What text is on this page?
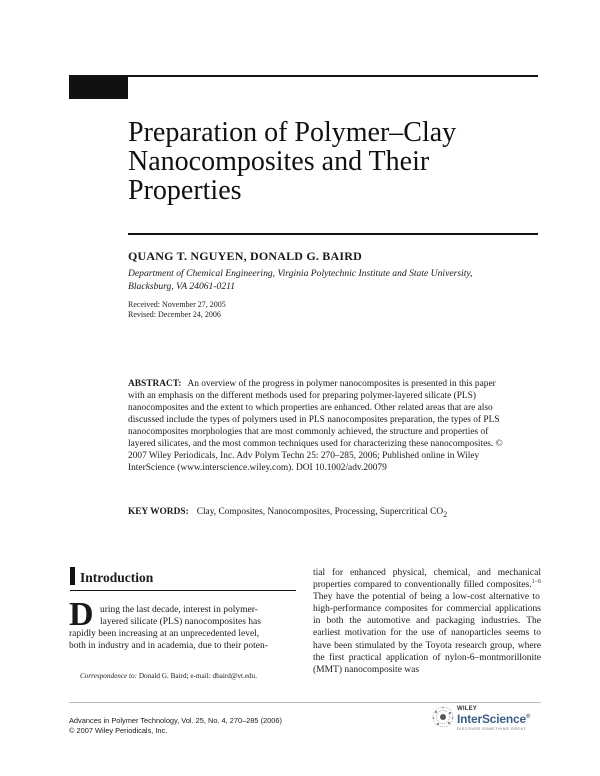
Preparation of Polymer–Clay
Nanocomposites and Their
Properties
QUANG T. NGUYEN, DONALD G. BAIRD
Department of Chemical Engineering, Virginia Polytechnic Institute and State University,
Blacksburg, VA 24061-0211
Received: November 27, 2005
Revised: December 24, 2006
ABSTRACT: An overview of the progress in polymer nanocomposites is presented in this paper with an emphasis on the different methods used for preparing polymer-layered silicate (PLS) nanocomposites and the extent to which properties are enhanced. Other related areas that are also discussed include the types of polymers used in PLS nanocomposites preparation, the types of PLS nanocomposites morphologies that are most commonly achieved, the structure and properties of layered silicates, and the most common techniques used for characterizing these nanocomposites. © 2007 Wiley Periodicals, Inc. Adv Polym Techn 25: 270–285, 2006; Published online in Wiley InterScience (www.interscience.wiley.com). DOI 10.1002/adv.20079
KEY WORDS: Clay, Composites, Nanocomposites, Processing, Supercritical $CO_2$
Introduction
D uring the last decade, interest in polymer-
layered silicate (PLS) nanocomposites has
rapidly been increasing at an unprecedented level,
both in industry and in academia, due to their poten-
Correspondence to: Donald G. Baird; e-mail: dbaird@vt.edu.
tial for enhanced physical, chemical, and mechanical properties compared to conventionally filled composites.$^{1-6}$ They have the potential of being a low-cost alternative to high-performance composites for commercial applications in both the automotive and packaging industries. The earliest motivation for the use of nanoparticles seems to have been stimulated by the Toyota research group, where the first practical application of nylon-6–montmorillonite (MMT) nanocomposite was
Advances in Polymer Technology, Vol. 25, No. 4, 270–285 (2006)
© 2007 Wiley Periodicals, Inc.
WILEY
InterScience®
DISCOVER SOMETHING GREAT
